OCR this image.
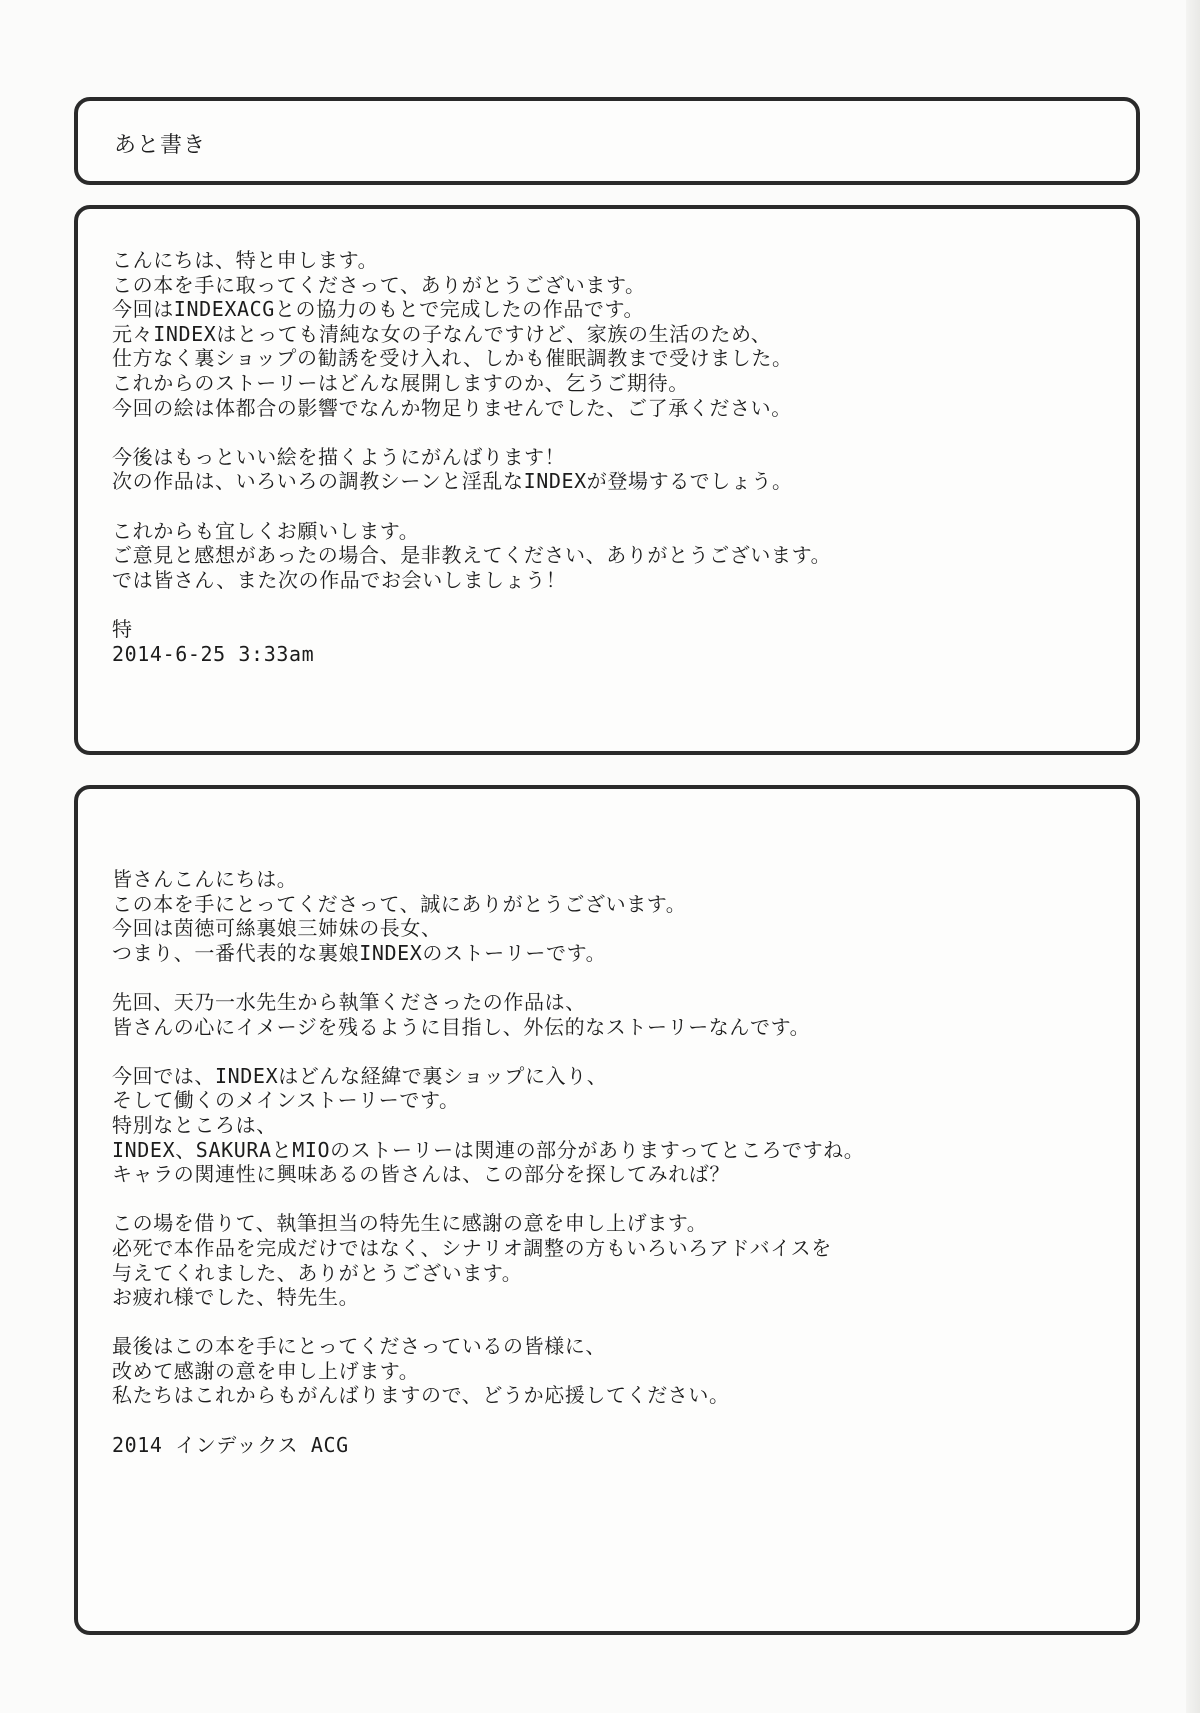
あと書き
こんにちは、特と申します。
この本を手に取ってくださって、ありがとうございます。
今回はINDEXACGとの協力のもとで完成したの作品です。
元々INDEXはとっても清純な女の子なんですけど、家族の生活のため、
仕方なく裏ショップの勧誘を受け入れ、しかも催眠調教まで受けました。
これからのストーリーはどんな展開しますのか、乞うご期待。
今回の絵は体都合の影響でなんか物足りませんでした、ご了承ください。
今後はもっといい絵を描くようにがんばります！
次の作品は、いろいろの調教シーンと淫乱なINDEXが登場するでしょう。
これからも宜しくお願いします。
ご意見と感想があったの場合、是非教えてください、ありがとうございます。
では皆さん、また次の作品でお会いしましょう！
特
2014-6-25 3:33am
皆さんこんにちは。
この本を手にとってくださって、誠にありがとうございます。
今回は茵徳可絲裏娘三姉妹の長女、
つまり、一番代表的な裏娘INDEXのストーリーです。
先回、天乃一水先生から執筆くださったの作品は、
皆さんの心にイメージを残るように目指し、外伝的なストーリーなんです。
今回では、INDEXはどんな経緯で裏ショップに入り、
そして働くのメインストーリーです。
特別なところは、
INDEX、SAKURAとMIOのストーリーは関連の部分がありますってところですね。
キャラの関連性に興味あるの皆さんは、この部分を探してみれば？
この場を借りて、執筆担当の特先生に感謝の意を申し上げます。
必死で本作品を完成だけではなく、シナリオ調整の方もいろいろアドバイスを
与えてくれました、ありがとうございます。
お疲れ様でした、特先生。
最後はこの本を手にとってくださっているの皆様に、
改めて感謝の意を申し上げます。
私たちはこれからもがんばりますので、どうか応援してください。
2014 インデックス ACG
